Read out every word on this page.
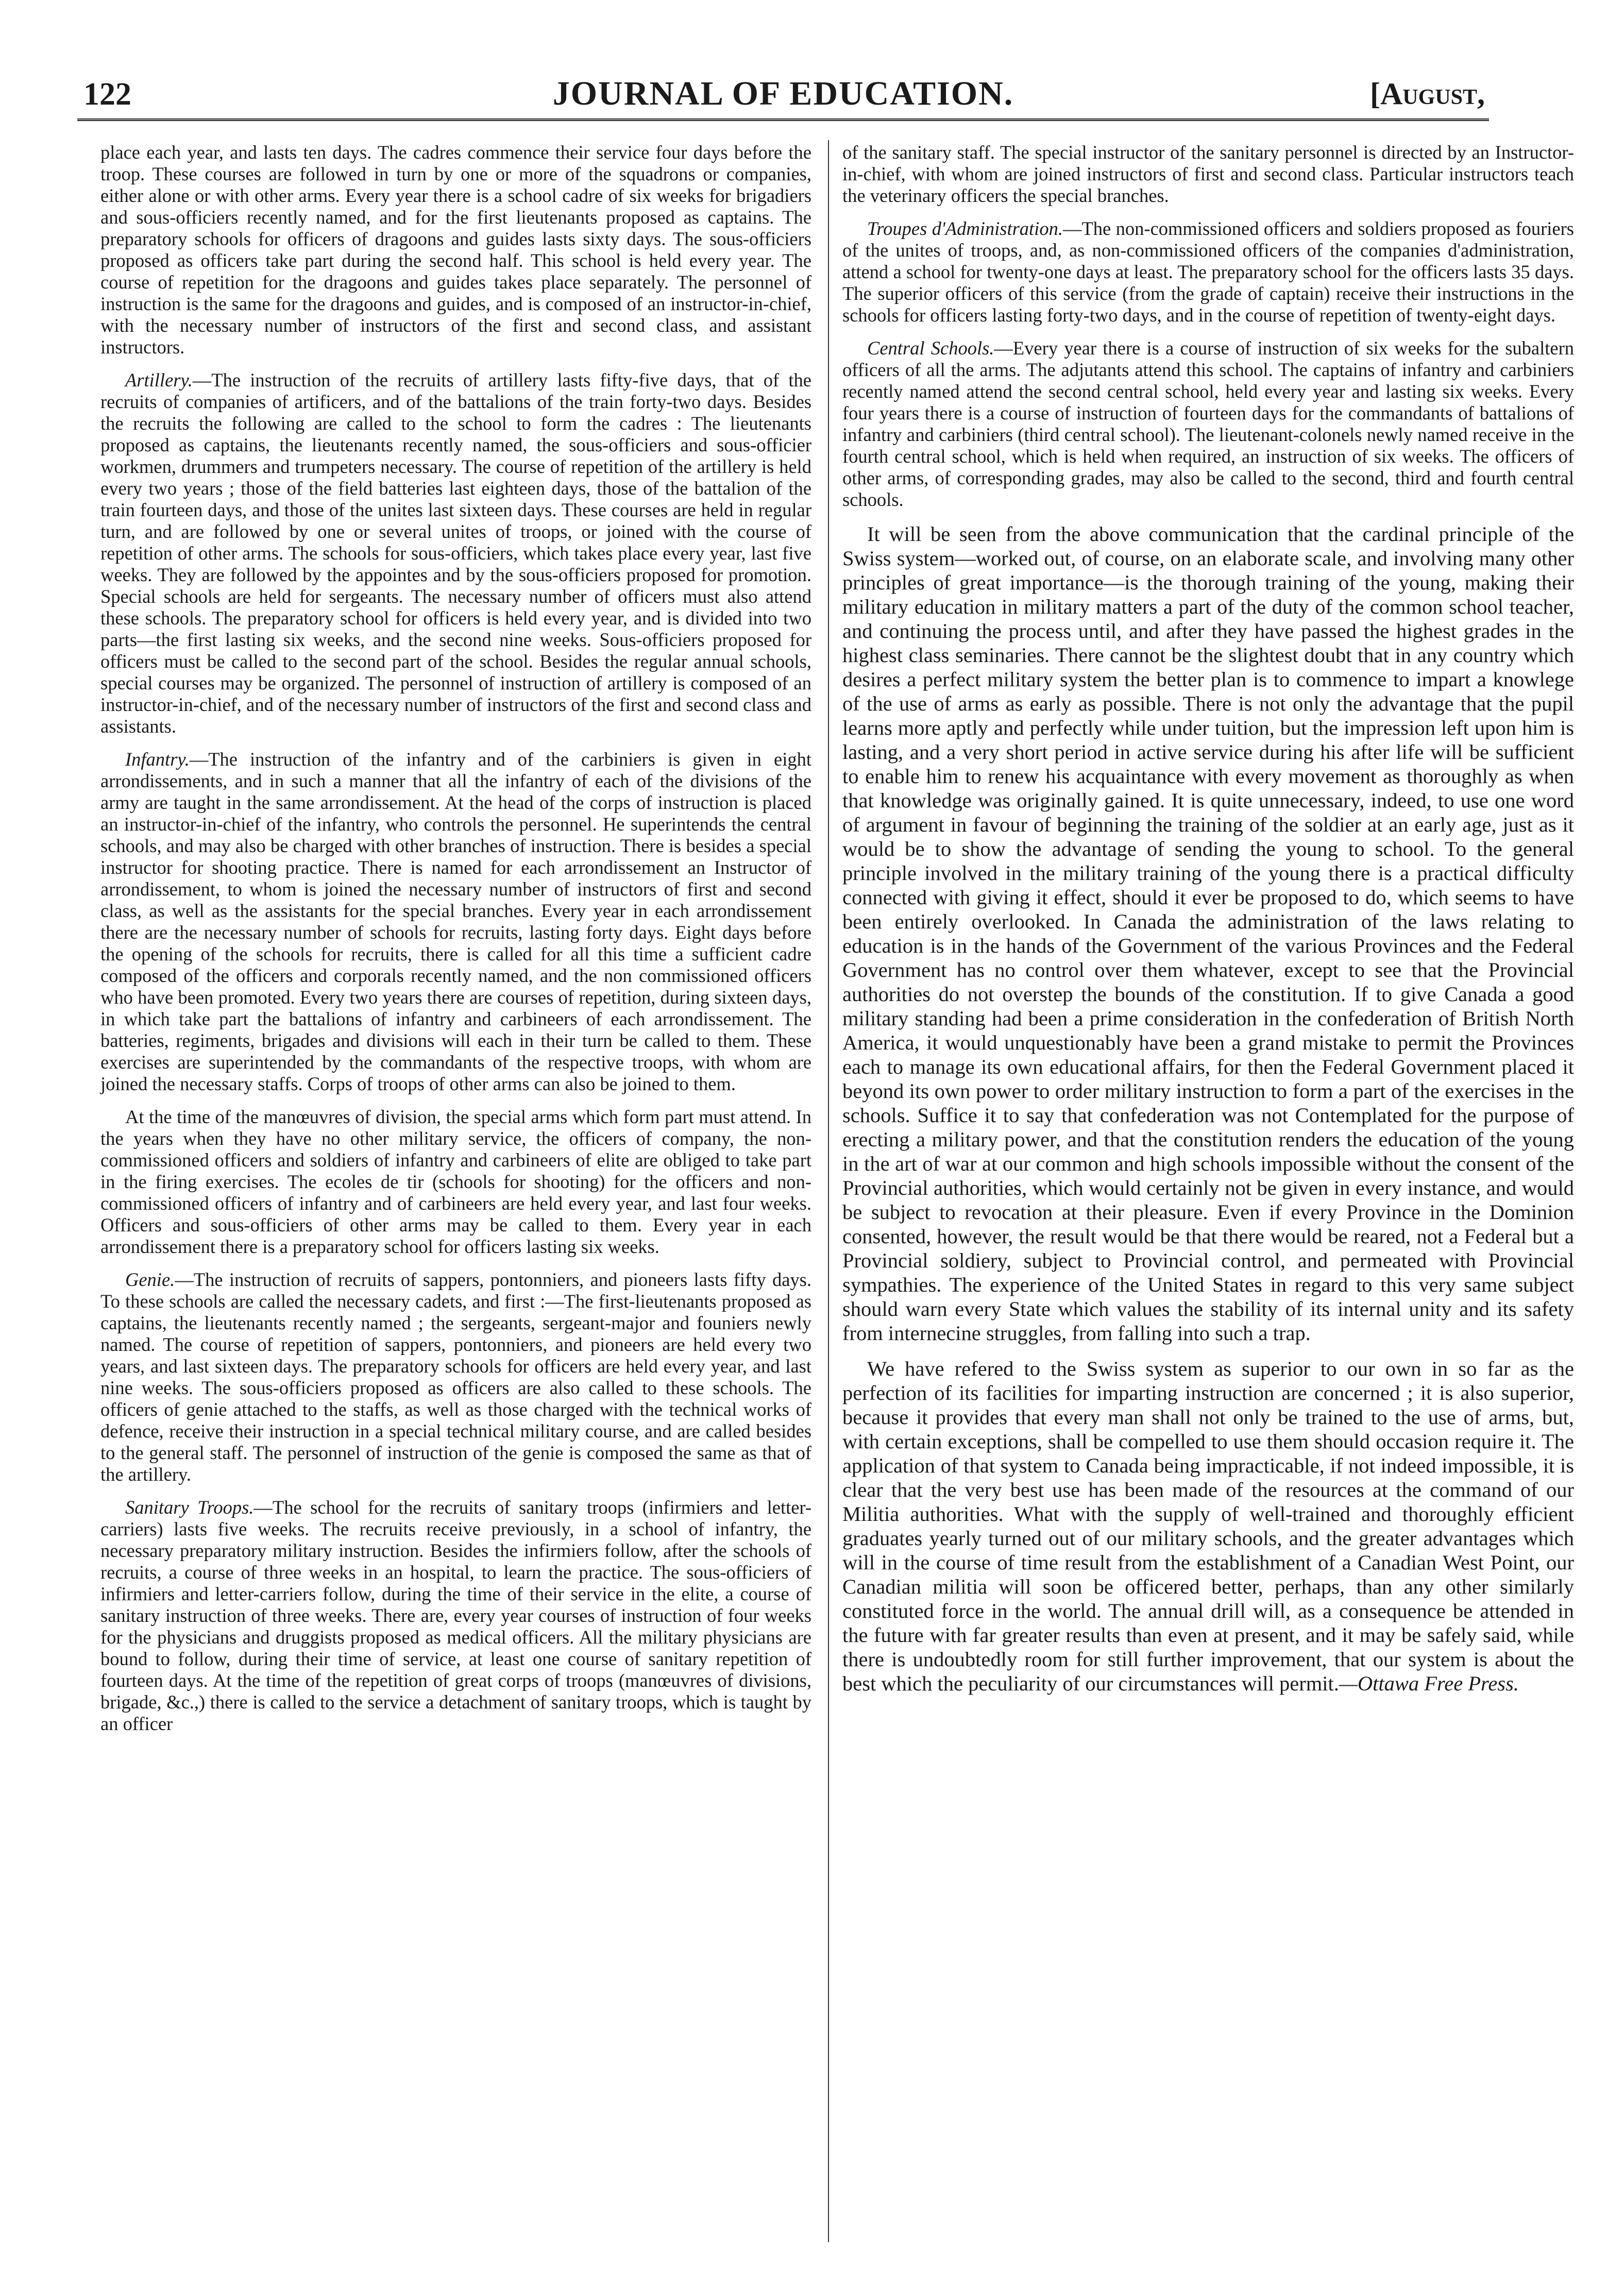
122	JOURNAL OF EDUCATION.	[August,

place each year, and lasts ten days. The cadres commence their service four days before the troop. These courses are followed in turn by one or more of the squadrons or companies, either alone or with other arms. Every year there is a school cadre of six weeks for brigadiers and sous-officiers recently named, and for the first lieutenants proposed as captains. The preparatory schools for officers of dragoons and guides lasts sixty days. The sous-officiers proposed as officers take part during the second half. This school is held every year. The course of repetition for the dragoons and guides takes place separately. The personnel of instruction is the same for the dragoons and guides, and is composed of an instructor-in-chief, with the necessary number of instructors of the first and second class, and assistant instructors.

Artillery.—The instruction of the recruits of artillery lasts fifty-five days, that of the recruits of companies of artificers, and of the battalions of the train forty-two days. Besides the recruits the following are called to the school to form the cadres : The lieutenants proposed as captains, the lieutenants recently named, the sous-officiers and sous-officier workmen, drummers and trumpeters necessary. The course of repetition of the artillery is held every two years ; those of the field batteries last eighteen days, those of the battalion of the train fourteen days, and those of the unites last sixteen days. These courses are held in regular turn, and are followed by one or several unites of troops, or joined with the course of repetition of other arms. The schools for sous-officiers, which takes place every year, last five weeks. They are followed by the appointes and by the sous-officiers proposed for promotion. Special schools are held for sergeants. The necessary number of officers must also attend these schools. The preparatory school for officers is held every year, and is divided into two parts—the first lasting six weeks, and the second nine weeks. Sous-officiers proposed for officers must be called to the second part of the school. Besides the regular annual schools, special courses may be organized. The personnel of instruction of artillery is composed of an instructor-in-chief, and of the necessary number of instructors of the first and second class and assistants.

Infantry.—The instruction of the infantry and of the carbiniers is given in eight arrondissements, and in such a manner that all the infantry of each of the divisions of the army are taught in the same arrondissement. At the head of the corps of instruction is placed an instructor-in-chief of the infantry, who controls the personnel. He superintends the central schools, and may also be charged with other branches of instruction. There is besides a special instructor for shooting practice. There is named for each arrondissement an Instructor of arrondissement, to whom is joined the necessary number of instructors of first and second class, as well as the assistants for the special branches. Every year in each arrondissement there are the necessary number of schools for recruits, lasting forty days. Eight days before the opening of the schools for recruits, there is called for all this time a sufficient cadre composed of the officers and corporals recently named, and the non commissioned officers who have been promoted. Every two years there are courses of repetition, during sixteen days, in which take part the battalions of infantry and carbineers of each arrondissement. The batteries, regiments, brigades and divisions will each in their turn be called to them. These exercises are superintended by the commandants of the respective troops, with whom are joined the necessary staffs. Corps of troops of other arms can also be joined to them.

At the time of the manœuvres of division, the special arms which form part must attend. In the years when they have no other military service, the officers of company, the non-commissioned officers and soldiers of infantry and carbineers of elite are obliged to take part in the firing exercises. The ecoles de tir (schools for shooting) for the officers and non-commissioned officers of infantry and of carbineers are held every year, and last four weeks. Officers and sous-officiers of other arms may be called to them. Every year in each arrondissement there is a preparatory school for officers lasting six weeks.

Genie.—The instruction of recruits of sappers, pontonniers, and pioneers lasts fifty days. To these schools are called the necessary cadets, and first :—The first-lieutenants proposed as captains, the lieutenants recently named ; the sergeants, sergeant-major and founiers newly named. The course of repetition of sappers, pontonniers, and pioneers are held every two years, and last sixteen days. The preparatory schools for officers are held every year, and last nine weeks. The sous-officiers proposed as officers are also called to these schools. The officers of genie attached to the staffs, as well as those charged with the technical works of defence, receive their instruction in a special technical military course, and are called besides to the general staff. The personnel of instruction of the genie is composed the same as that of the artillery.

Sanitary Troops.—The school for the recruits of sanitary troops (infirmiers and letter-carriers) lasts five weeks. The recruits receive previously, in a school of infantry, the necessary preparatory military instruction. Besides the infirmiers follow, after the schools of recruits, a course of three weeks in an hospital, to learn the practice. The sous-officiers of infirmiers and letter-carriers follow, during the time of their service in the elite, a course of sanitary instruction of three weeks. There are, every year courses of instruction of four weeks for the physicians and druggists proposed as medical officers. All the military physicians are bound to follow, during their time of service, at least one course of sanitary repetition of fourteen days. At the time of the repetition of great corps of troops (manœuvres of divisions, brigade, &c.,) there is called to the service a detachment of sanitary troops, which is taught by an officer

of the sanitary staff. The special instructor of the sanitary personnel is directed by an Instructor-in-chief, with whom are joined instructors of first and second class. Particular instructors teach the veterinary officers the special branches.

Troupes d'Administration.—The non-commissioned officers and soldiers proposed as fouriers of the unites of troops, and, as non-commissioned officers of the companies d'administration, attend a school for twenty-one days at least. The preparatory school for the officers lasts 35 days. The superior officers of this service (from the grade of captain) receive their instructions in the schools for officers lasting forty-two days, and in the course of repetition of twenty-eight days.

Central Schools.—Every year there is a course of instruction of six weeks for the subaltern officers of all the arms. The adjutants attend this school. The captains of infantry and carbiniers recently named attend the second central school, held every year and lasting six weeks. Every four years there is a course of instruction of fourteen days for the commandants of battalions of infantry and carbiniers (third central school). The lieutenant-colonels newly named receive in the fourth central school, which is held when required, an instruction of six weeks. The officers of other arms, of corresponding grades, may also be called to the second, third and fourth central schools.

It will be seen from the above communication that the cardinal principle of the Swiss system—worked out, of course, on an elaborate scale, and involving many other principles of great importance—is the thorough training of the young, making their military education in military matters a part of the duty of the common school teacher, and continuing the process until, and after they have passed the highest grades in the highest class seminaries. There cannot be the slightest doubt that in any country which desires a perfect military system the better plan is to commence to impart a knowlege of the use of arms as early as possible. There is not only the advantage that the pupil learns more aptly and perfectly while under tuition, but the impression left upon him is lasting, and a very short period in active service during his after life will be sufficient to enable him to renew his acquaintance with every movement as thoroughly as when that knowledge was originally gained. It is quite unnecessary, indeed, to use one word of argument in favour of beginning the training of the soldier at an early age, just as it would be to show the advantage of sending the young to school. To the general principle involved in the military training of the young there is a practical difficulty connected with giving it effect, should it ever be proposed to do, which seems to have been entirely overlooked. In Canada the administration of the laws relating to education is in the hands of the Government of the various Provinces and the Federal Government has no control over them whatever, except to see that the Provincial authorities do not overstep the bounds of the constitution. If to give Canada a good military standing had been a prime consideration in the confederation of British North America, it would unquestionably have been a grand mistake to permit the Provinces each to manage its own educational affairs, for then the Federal Government placed it beyond its own power to order military instruction to form a part of the exercises in the schools. Suffice it to say that confederation was not Contemplated for the purpose of erecting a military power, and that the constitution renders the education of the young in the art of war at our common and high schools impossible without the consent of the Provincial authorities, which would certainly not be given in every instance, and would be subject to revocation at their pleasure. Even if every Province in the Dominion consented, however, the result would be that there would be reared, not a Federal but a Provincial soldiery, subject to Provincial control, and permeated with Provincial sympathies. The experience of the United States in regard to this very same subject should warn every State which values the stability of its internal unity and its safety from internecine struggles, from falling into such a trap.

We have refered to the Swiss system as superior to our own in so far as the perfection of its facilities for imparting instruction are concerned ; it is also superior, because it provides that every man shall not only be trained to the use of arms, but, with certain exceptions, shall be compelled to use them should occasion require it. The application of that system to Canada being impracticable, if not indeed impossible, it is clear that the very best use has been made of the resources at the command of our Militia authorities. What with the supply of well-trained and thoroughly efficient graduates yearly turned out of our military schools, and the greater advantages which will in the course of time result from the establishment of a Canadian West Point, our Canadian militia will soon be officered better, perhaps, than any other similarly constituted force in the world. The annual drill will, as a consequence be attended in the future with far greater results than even at present, and it may be safely said, while there is undoubtedly room for still further improvement, that our system is about the best which the peculiarity of our circumstances will permit.—Ottawa Free Press.
